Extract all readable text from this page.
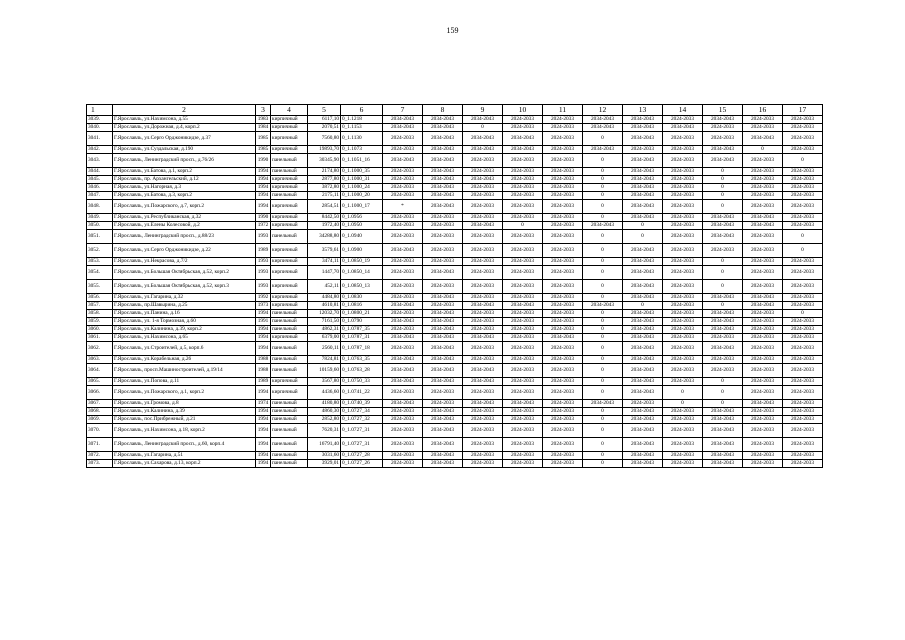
159
1	2	3	4	5	6	7	8	9	10	11	12	13	14	15	16	17
3039.	Г.Ярославль, ул.Нахимсона, д.55	1983	кирпичный	6117,10	0_1.1218	2034-2043	2034-2043	2034-2043	2024-2033	2024-2033	2034-2043	2034-2043	2024-2033	2034-2043	2024-2033	2024-2033
3040.	Г.Ярославль, ул.Дорожная, д.4, корп.2	1984	кирпичный	2070,51	0_1.1153	2034-2043	2034-2043	0	2024-2033	2024-2033	2034-2043	2034-2043	2034-2043	2024-2033	2024-2033	2024-2033
3041.	Г.Ярославль, ул.Серго Орджоникидзе, д.37	1985	кирпичный	7560,80	0_1.1130	2024-2033	2034-2043	2034-2043	2034-2043	2024-2033	0	2034-2043	2024-2033	2024-2033	2034-2043	2024-2033
3042.	Г.Ярославль, ул.Суздальская, д.190	1985	кирпичный	19893,70	0_1.1073	2024-2033	2034-2043	2034-2043	2034-2043	2024-2033	2034-2043	2024-2033	2024-2033	2034-2043	0	2024-2033
3043.	Г.Ярославль, Ленинградский просп., д.76/26	1990	панельный	30345,90	0_1.1051_16	2034-2043	2034-2043	2024-2033	2024-2033	2024-2033	0	2034-2043	2024-2033	2034-2043	2024-2033	0
3044.	Г.Ярославль, ул.Батова, д.1, корп.2	1994	панельный	2174,80	0_1.1000_35	2024-2033	2034-2043	2024-2033	2024-2033	2024-2033	0	2034-2043	2024-2033	0	2024-2033	2024-2033
3045.	Г.Ярославль, пр. Архангельский, д.12	1994	кирпичный	2877,80	0_1.1000_31	2024-2033	2034-2043	2034-2043	2024-2033	2024-2033	0	2034-2043	2024-2033	0	2024-2033	2024-2033
3046.	Г.Ярославль, ул.Нагорная, д.3	1994	кирпичный	3872,80	0_1.1000_24	2024-2033	2034-2043	2024-2033	2024-2033	2024-2033	0	2034-2043	2024-2033	0	2024-2033	2024-2033
3047.	Г.Ярославль, ул.Батова, д.3, корп.2	1994	панельный	2175,11	0_1.1000_20	2024-2033	2034-2043	2024-2033	2024-2033	2024-2033	0	2034-2043	2024-2033	0	2024-2033	2024-2033
3048.	Г.Ярославль, ул.Пожарского, д.7, корп.2	1994	кирпичный	2854,51	0_1.1000_17	*	2034-2043	2024-2033	2024-2033	2024-2033	0	2034-2043	2024-2033	0	2024-2033	2024-2033
3049.	Г.Ярославль, ул.Республиканская, д.32	1990	кирпичный	8442,50	0_1.0956	2024-2033	2024-2033	2024-2033	2024-2033	2024-2033	0	2034-2043	2024-2033	2034-2043	2034-2043	2024-2033
3050.	Г.Ярославль, ул.Елены Колесовой, д.2	1972	кирпичный	1972,40	0_1.0950	2024-2033	2024-2033	2034-2043	0	2024-2033	2034-2043	0	2024-2033	2034-2043	2034-2043	2024-2033
3051.	Г.Ярославль, Ленинградский просп., д.88/23	1993	панельный	34288,80	0_1.0940	2024-2033	2024-2033	2024-2033	2024-2033	2024-2033	0	0	2024-2033	2034-2043	2024-2033	0
3052.	Г.Ярославль, ул.Серго Орджоникидзе, д.22	1989	кирпичный	3579,61	0_1.0900	2034-2043	2024-2033	2024-2033	2024-2033	2024-2033	0	2034-2043	2024-2033	2024-2033	2024-2033	0
3053.	Г.Ярославль, ул.Некрасова, д.7/2	1993	кирпичный	3474,11	0_1.0850_19	2024-2033	2024-2033	2024-2033	2024-2033	2024-2033	0	2034-2043	2024-2033	0	2024-2033	2024-2033
3054.	Г.Ярославль, ул.Большая Октябрьская, д.52, корп.2	1993	кирпичный	1447,70	0_1.0850_14	2024-2033	2034-2043	2024-2033	2024-2033	2024-2033	0	2034-2043	2024-2033	0	2024-2033	2024-2033
3055.	Г.Ярославль, ул.Большая Октябрьская, д.52, корп.3	1993	кирпичный	452,11	0_1.0850_13	2024-2033	2024-2033	2024-2033	2024-2033	2024-2033	0	2034-2043	2024-2033	0	2024-2033	2024-2033
3056.	Г.Ярославль, ул.Гагарина, д.32	1992	кирпичный	4484,80	0_1.0830	2024-2033	2034-2043	2024-2033	2024-2033	2024-2033	0	2034-2043	2024-2033	2034-2043	2034-2043	2024-2033
3057.	Г.Ярославль, пр.Шавырина, д.25	1973	кирпичный	4610,81	0_1.0816	2034-2043	2024-2033	2034-2043	2034-2043	2024-2033	2034-2043	0	2024-2033	0	2034-2043	2024-2033
3058.	Г.Ярославль, ул.Панина, д.16	1994	панельный	12032,70	0_1.0800_21	2024-2033	2034-2043	2024-2033	2024-2033	2024-2033	0	2034-2043	2024-2033	2034-2043	2024-2033	0
3059.	Г.Ярославль, ул. 1-я Тормозная, д.60	1991	панельный	7161,50	0_1.0790	2034-2043	2034-2043	2024-2033	2024-2033	2024-2033	0	2034-2043	2024-2033	2034-2043	2024-2033	2024-2033
3060.	Г.Ярославль, ул.Калинина, д.39, корп.2	1994	панельный	4862,31	0_1.0787_35	2024-2033	2034-2043	2024-2033	2024-2033	2024-2033	0	2034-2043	2024-2033	2034-2043	2024-2033	2024-2033
3061.	Г.Ярославль, ул.Нахимсона, д.65	1994	кирпичный	6379,00	0_1.0787_31	2034-2043	2034-2043	2034-2043	2024-2033	2034-2043	0	2034-2043	2024-2033	2024-2033	2024-2033	2024-2033
3062.	Г.Ярославль, ул.Строителей, д.5, корп.6	1994	панельный	2560,11	0_1.0787_18	2024-2033	2034-2043	2024-2033	2024-2033	2024-2033	0	2034-2043	2024-2033	2034-2043	2024-2033	2024-2033
3063.	Г.Ярославль, ул.Корабельная, д.26	1988	панельный	7824,81	0_1.0763_35	2034-2043	2034-2043	2024-2033	2024-2033	2024-2033	0	2034-2043	2024-2033	2024-2033	2024-2033	2024-2033
3064.	Г.Ярославль, просп.Машиностроителей, д.19/14	1988	панельный	10159,60	0_1.0763_28	2034-2043	2034-2043	2034-2043	2024-2033	2024-2033	0	2034-2043	2024-2033	2024-2033	2024-2033	2024-2033
3065.	Г.Ярославль, ул.Попова, д.11	1989	кирпичный	3567,80	0_1.0750_33	2034-2043	2034-2043	2034-2043	2024-2033	2024-2033	0	2034-2043	2024-2033	0	2024-2033	2024-2033
3066.	Г.Ярославль, ул.Пожарского, д.1, корп.2	1994	кирпичный	4436,60	0_1.0741_22	2024-2033	2024-2033	2024-2033	2024-2033	2024-2033	0	2034-2043	0	0	2024-2033	2024-2033
3067.	Г.Ярославль, ул.Громова, д.8	1974	панельный	4180,80	0_1.0740_39	2034-2043	2024-2033	2034-2043	2034-2043	2024-2033	2034-2043	2024-2033	0	0	2034-2043	2024-2033
3068.	Г.Ярославль, ул.Калинина, д.39	1994	панельный	4860,30	0_1.0727_34	2024-2033	2034-2043	2024-2033	2024-2033	2024-2033	0	2034-2043	2024-2033	2034-2043	2024-2033	2024-2033
3069.	Г.Ярославль, пос.Прибрежный, д.21	1994	панельный	2852,80	0_1.0727_32	2024-2033	2034-2043	2024-2033	2024-2033	2024-2033	0	2034-2043	2024-2033	2034-2043	2024-2033	2024-2033
3070.	Г.Ярославль, ул.Нахимсона, д.18, корп.2	1994	панельный	7620,31	0_1.0727_31	2024-2033	2034-2043	2024-2033	2024-2033	2024-2033	0	2034-2043	2024-2033	2034-2043	2024-2033	2024-2033
3071.	Г.Ярославль, Ленинградский просп., д.60, корп.4	1994	панельный	16791,40	0_1.0727_31	2024-2033	2034-2043	2024-2033	2024-2033	2024-2033	0	2034-2043	2024-2033	2034-2043	2024-2033	2024-2033
3072.	Г.Ярославль, ул.Гагарина, д.51	1994	панельный	3031,60	0_1.0727_28	2024-2033	2034-2043	2024-2033	2024-2033	2024-2033	0	2034-2043	2024-2033	2034-2043	2024-2033	2024-2033
3073.	Г.Ярославль, ул.Сахарова, д.13, корп.2	1994	панельный	3929,01	0_1.0727_26	2024-2033	2034-2043	2024-2033	2024-2033	2024-2033	0	2034-2043	2024-2033	2034-2043	2024-2033	2024-2033
